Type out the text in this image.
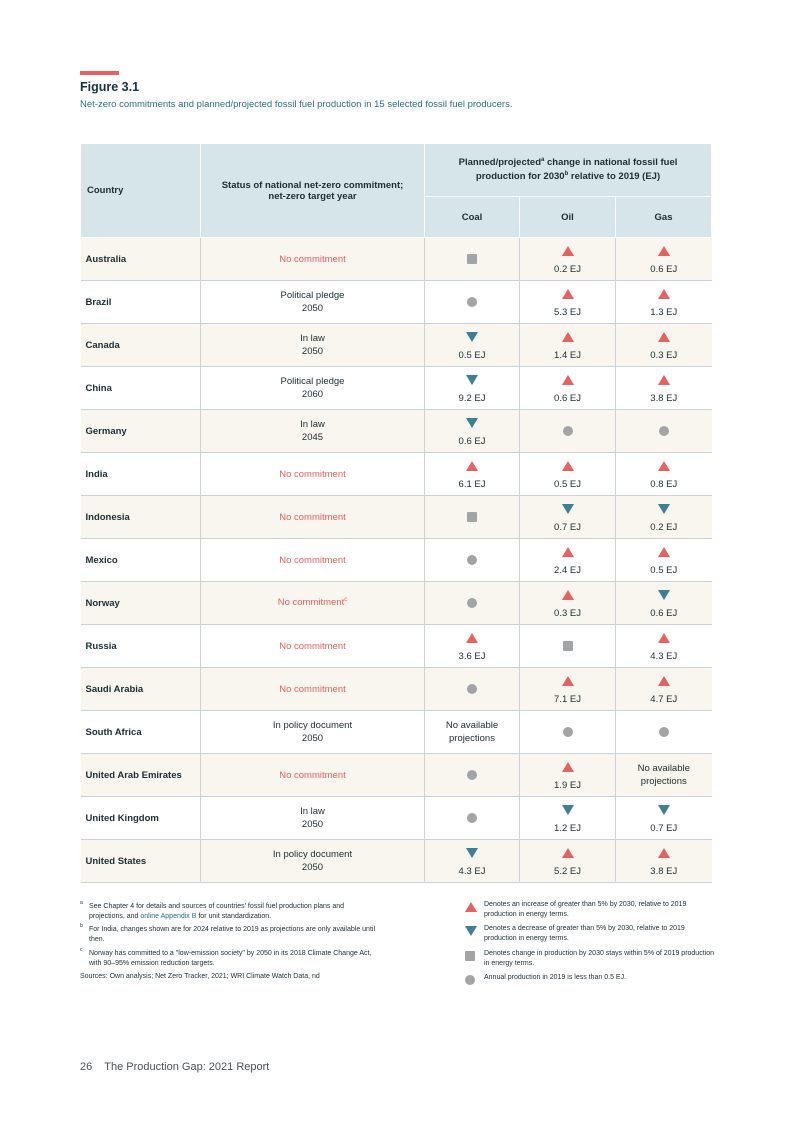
Figure 3.1
Net-zero commitments and planned/projected fossil fuel production in 15 selected fossil fuel producers.
Country	Status of national net-zero commitment; net-zero target year	Planned/projected$^a$ change in national fossil fuel production for 2030$^b$ relative to 2019 (EJ)		
		Coal	Oil	Gas
Australia	No commitment		0.2 EJ	0.6 EJ

Brazil	Political pledge
2050		5.3 EJ	1.3 EJ

Canada	In law
2050	0.5 EJ	1.4 EJ	0.3 EJ

China	Political pledge
2060	9.2 EJ	0.6 EJ	3.8 EJ

Germany	In law
2045	0.6 EJ		

India	No commitment	6.1 EJ	0.5 EJ	0.8 EJ

Indonesia	No commitment		0.7 EJ	0.2 EJ

Mexico	No commitment		2.4 EJ	0.5 EJ

Norway	No commitment$^c$		0.3 EJ	0.6 EJ

Russia	No commitment	3.6 EJ		4.3 EJ

Saudi Arabia	No commitment		7.1 EJ	4.7 EJ

South Africa	In policy document
2050	No available projections		

United Arab Emirates	No commitment		1.9 EJ	No available projections

United Kingdom	In law
2050		1.2 EJ	0.7 EJ

United States	In policy document
2050	4.3 EJ	5.2 EJ	3.8 EJ
a See Chapter 4 for details and sources of countries' fossil fuel production plans and projections, and online Appendix B for unit standardization.
b For India, changes shown are for 2024 relative to 2019 as projections are only available until then.
c Norway has committed to a "low-emission society" by 2050 in its 2018 Climate Change Act, with 90–95% emission reduction targets.
Sources: Own analysis; Net Zero Tracker, 2021; WRI Climate Watch Data, nd
Denotes an increase of greater than 5% by 2030, relative to 2019 production in energy terms.
Denotes a decrease of greater than 5% by 2030, relative to 2019 production in energy terms.
Denotes change in production by 2030 stays within 5% of 2019 production in energy terms.
Annual production in 2019 is less than 0.5 EJ.
26 The Production Gap: 2021 Report
